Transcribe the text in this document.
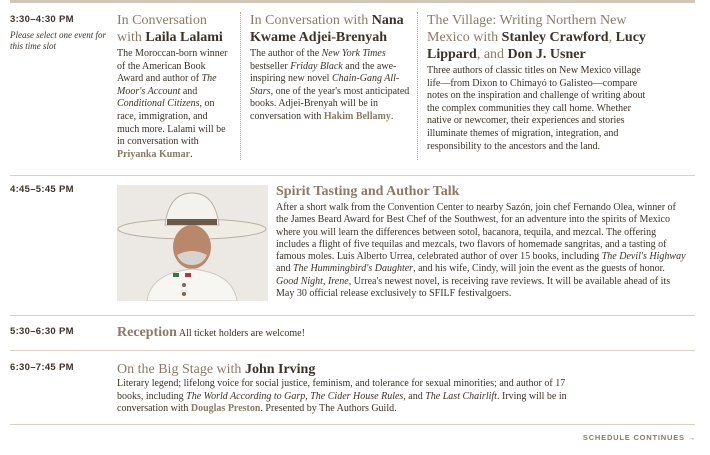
3:30–4:30 PM
Please select one event for this time slot
In Conversation with Laila Lalami
The Moroccan-born winner of the American Book Award and author of The Moor's Account and Conditional Citizens, on race, immigration, and much more. Lalami will be in conversation with Priyanka Kumar.
In Conversation with Nana Kwame Adjei-Brenyah
The author of the New York Times bestseller Friday Black and the awe-inspiring new novel Chain-Gang All-Stars, one of the year's most anticipated books. Adjei-Brenyah will be in conversation with Hakim Bellamy.
The Village: Writing Northern New Mexico with Stanley Crawford, Lucy Lippard, and Don J. Usner
Three authors of classic titles on New Mexico village life—from Dixon to Chimayó to Galisteo—compare notes on the inspiration and challenge of writing about the complex communities they call home. Whether native or newcomer, their experiences and stories illuminate themes of migration, integration, and responsibility to the ancestors and the land.
4:45–5:45 PM	Spirit Tasting and Author Talk
After a short walk from the Convention Center to nearby Sazón, join chef Fernando Olea, winner of the James Beard Award for Best Chef of the Southwest, for an adventure into the spirits of Mexico where you will learn the differences between sotol, bacanora, tequila, and mezcal. The offering includes a flight of five tequilas and mezcals, two flavors of homemade sangritas, and a tasting of famous moles. Luis Alberto Urrea, celebrated author of over 15 books, including The Devil's Highway and The Hummingbird's Daughter, and his wife, Cindy, will join the event as the guests of honor. Good Night, Irene, Urrea's newest novel, is receiving rave reviews. It will be available ahead of its May 30 official release exclusively to SFILF festivalgoers.
5:30–6:30 PM	Reception All ticket holders are welcome!
6:30–7:45 PM	On the Big Stage with John Irving
Literary legend; lifelong voice for social justice, feminism, and tolerance for sexual minorities; and author of 17 books, including The World According to Garp, The Cider House Rules, and The Last Chairlift. Irving will be in conversation with Douglas Preston. Presented by The Authors Guild.
SCHEDULE CONTINUES →
